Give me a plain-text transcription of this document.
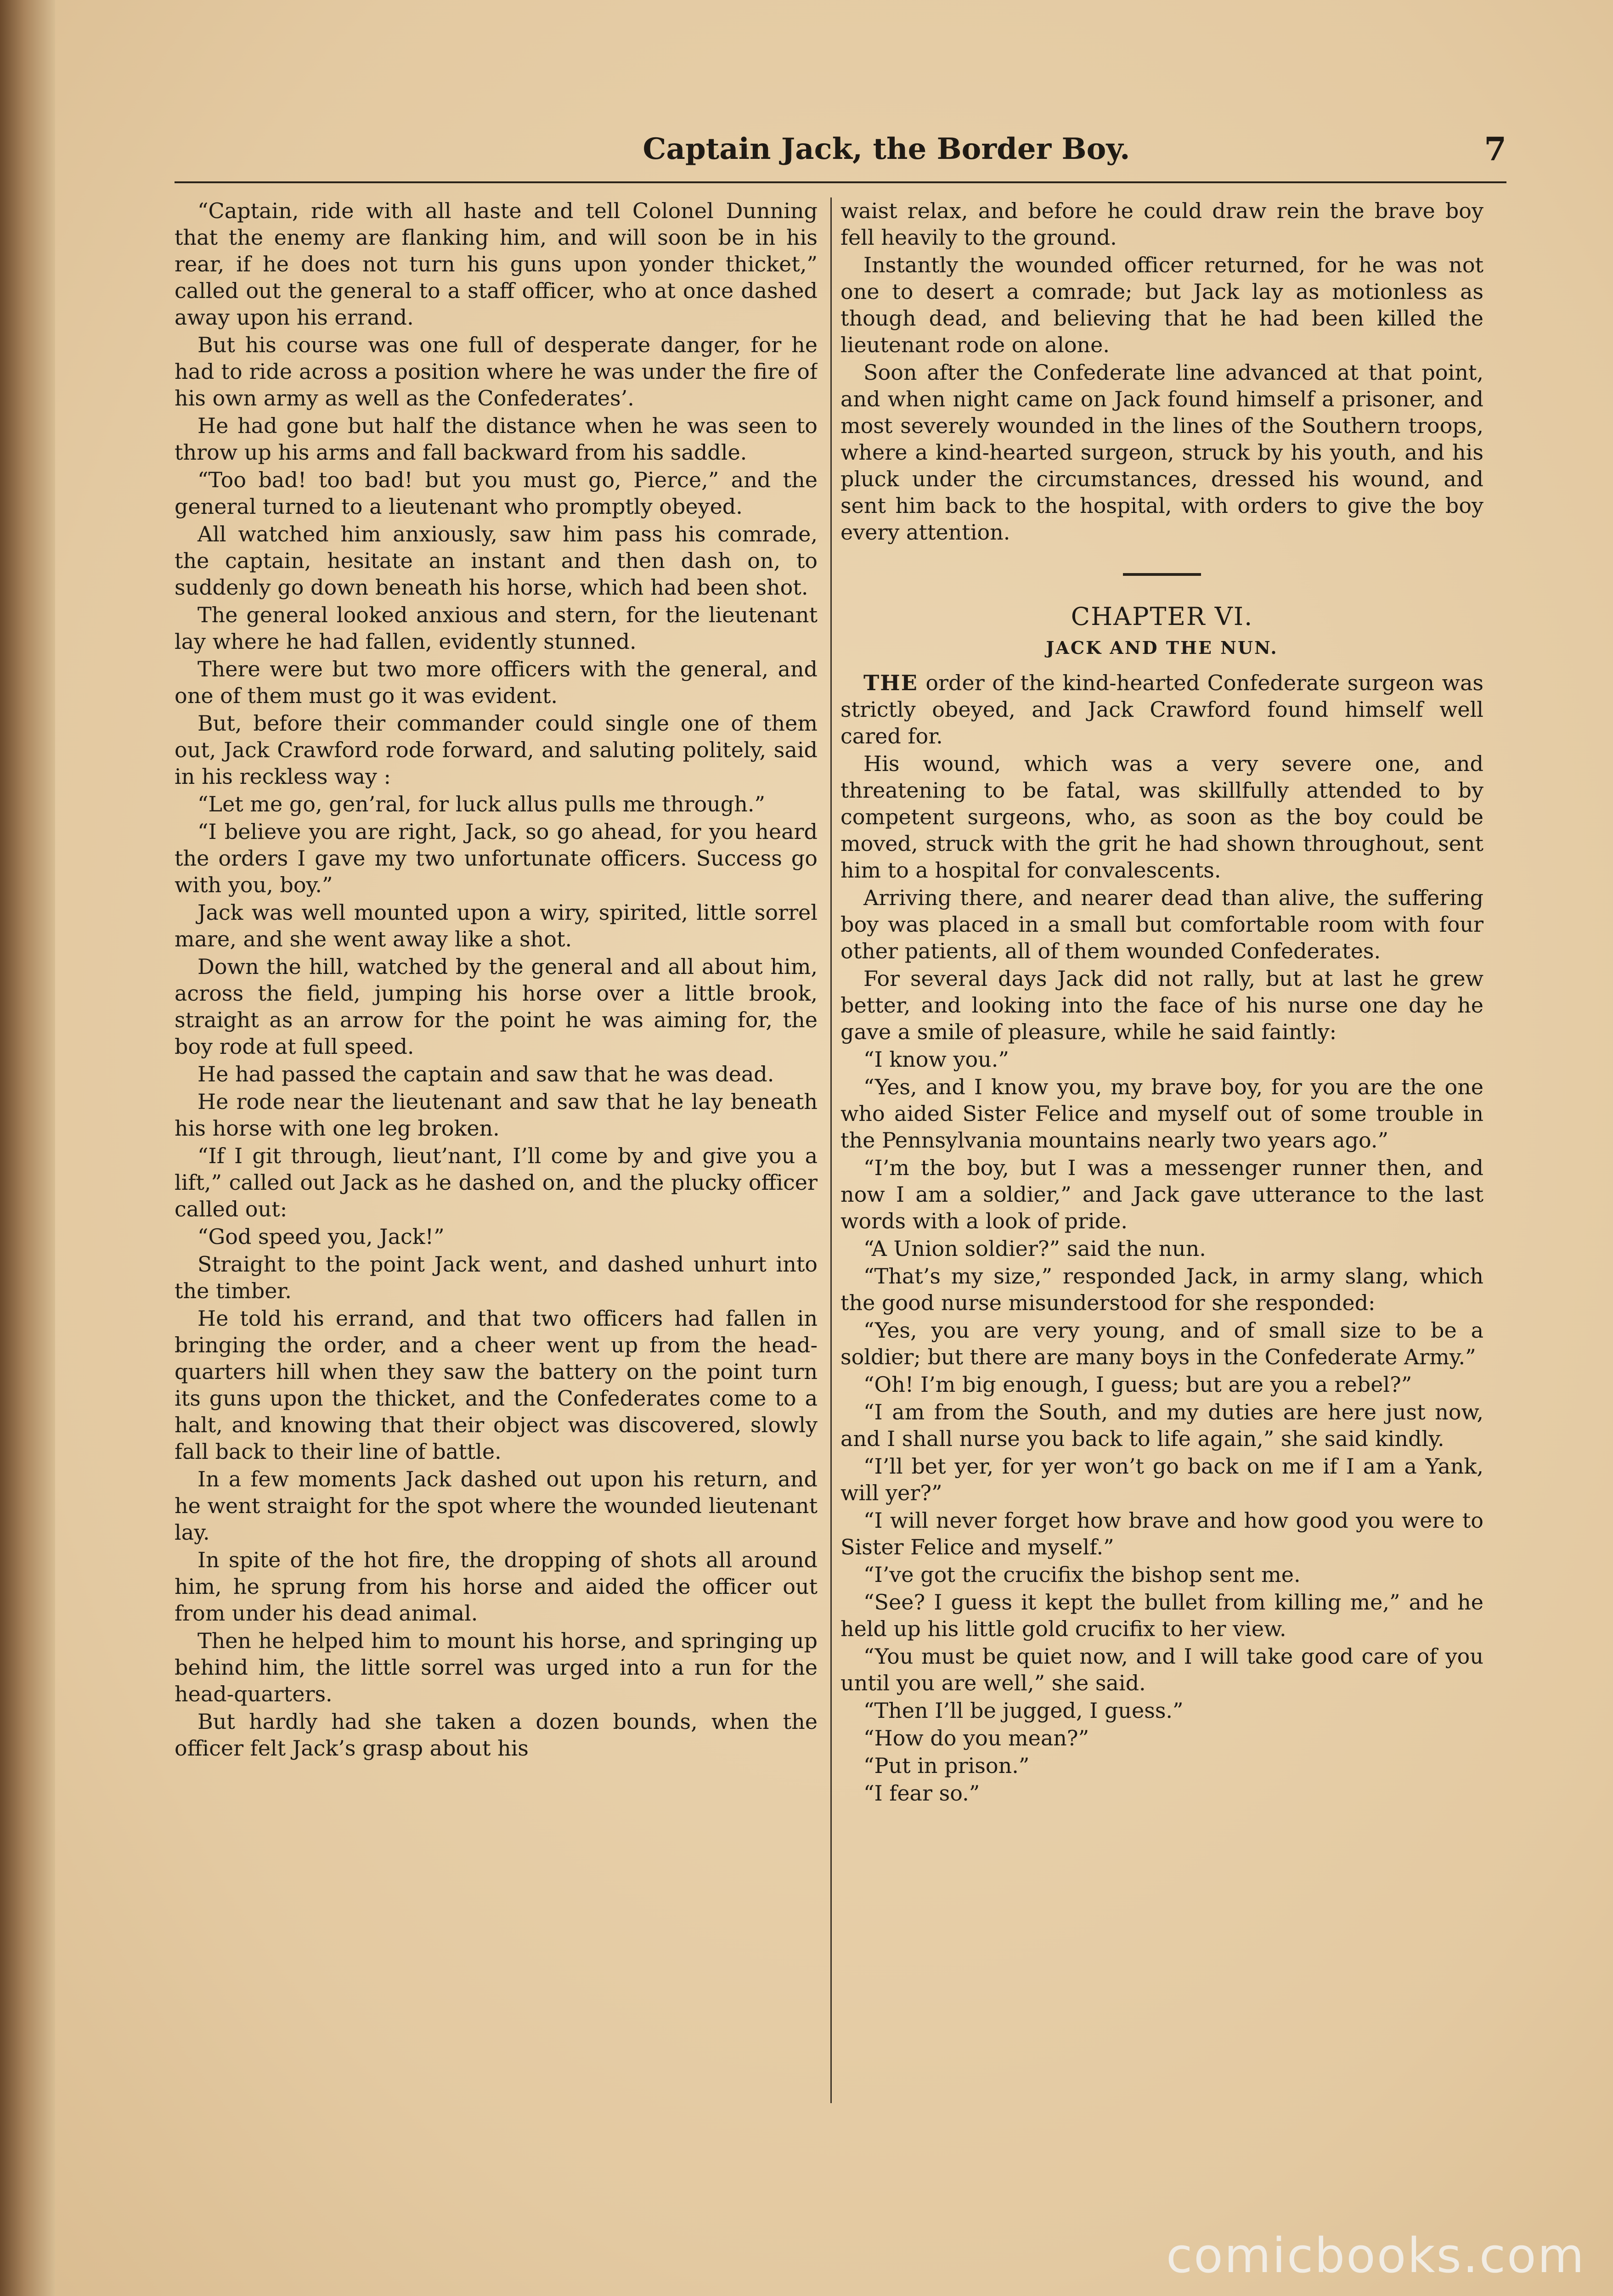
Captain Jack, the Border Boy.	7

“Captain, ride with all haste and tell Colonel Dunning that the enemy are flanking him, and will soon be in his rear, if he does not turn his guns upon yonder thicket,” called out the general to a staff officer, who at once dashed away upon his errand.

But his course was one full of desperate danger, for he had to ride across a position where he was under the fire of his own army as well as the Confederates’.

He had gone but half the distance when he was seen to throw up his arms and fall backward from his saddle.

“Too bad! too bad! but you must go, Pierce,” and the general turned to a lieutenant who promptly obeyed.

All watched him anxiously, saw him pass his comrade, the captain, hesitate an instant and then dash on, to suddenly go down beneath his horse, which had been shot.

The general looked anxious and stern, for the lieutenant lay where he had fallen, evidently stunned.

There were but two more officers with the general, and one of them must go it was evident.

But, before their commander could single one of them out, Jack Crawford rode forward, and saluting politely, said in his reckless way :

“Let me go, gen’ral, for luck allus pulls me through.”

“I believe you are right, Jack, so go ahead, for you heard the orders I gave my two unfortunate officers. Success go with you, boy.”

Jack was well mounted upon a wiry, spirited, little sorrel mare, and she went away like a shot.

Down the hill, watched by the general and all about him, across the field, jumping his horse over a little brook, straight as an arrow for the point he was aiming for, the boy rode at full speed.

He had passed the captain and saw that he was dead.

He rode near the lieutenant and saw that he lay beneath his horse with one leg broken.

“If I git through, lieut’nant, I’ll come by and give you a lift,” called out Jack as he dashed on, and the plucky officer called out:

“God speed you, Jack!”

Straight to the point Jack went, and dashed unhurt into the timber.

He told his errand, and that two officers had fallen in bringing the order, and a cheer went up from the head-quarters hill when they saw the battery on the point turn its guns upon the thicket, and the Confederates come to a halt, and knowing that their object was discovered, slowly fall back to their line of battle.

In a few moments Jack dashed out upon his return, and he went straight for the spot where the wounded lieutenant lay.

In spite of the hot fire, the dropping of shots all around him, he sprung from his horse and aided the officer out from under his dead animal.

Then he helped him to mount his horse, and springing up behind him, the little sorrel was urged into a run for the head-quarters.

But hardly had she taken a dozen bounds, when the officer felt Jack’s grasp about his

waist relax, and before he could draw rein the brave boy fell heavily to the ground.

Instantly the wounded officer returned, for he was not one to desert a comrade; but Jack lay as motionless as though dead, and believing that he had been killed the lieutenant rode on alone.

Soon after the Confederate line advanced at that point, and when night came on Jack found himself a prisoner, and most severely wounded in the lines of the Southern troops, where a kind-hearted surgeon, struck by his youth, and his pluck under the circumstances, dressed his wound, and sent him back to the hospital, with orders to give the boy every attention.

CHAPTER VI.
JACK AND THE NUN.

THE order of the kind-hearted Confederate surgeon was strictly obeyed, and Jack Crawford found himself well cared for.

His wound, which was a very severe one, and threatening to be fatal, was skillfully attended to by competent surgeons, who, as soon as the boy could be moved, struck with the grit he had shown throughout, sent him to a hospital for convalescents.

Arriving there, and nearer dead than alive, the suffering boy was placed in a small but comfortable room with four other patients, all of them wounded Confederates.

For several days Jack did not rally, but at last he grew better, and looking into the face of his nurse one day he gave a smile of pleasure, while he said faintly:

“I know you.”

“Yes, and I know you, my brave boy, for you are the one who aided Sister Felice and myself out of some trouble in the Pennsylvania mountains nearly two years ago.”

“I’m the boy, but I was a messenger runner then, and now I am a soldier,” and Jack gave utterance to the last words with a look of pride.

“A Union soldier?” said the nun.

“That’s my size,” responded Jack, in army slang, which the good nurse misunderstood for she responded:

“Yes, you are very young, and of small size to be a soldier; but there are many boys in the Confederate Army.”

“Oh! I’m big enough, I guess; but are you a rebel?”

“I am from the South, and my duties are here just now, and I shall nurse you back to life again,” she said kindly.

“I’ll bet yer, for yer won’t go back on me if I am a Yank, will yer?”

“I will never forget how brave and how good you were to Sister Felice and myself.”

“I’ve got the crucifix the bishop sent me.

“See? I guess it kept the bullet from killing me,” and he held up his little gold crucifix to her view.

“You must be quiet now, and I will take good care of you until you are well,” she said.

“Then I’ll be jugged, I guess.”

“How do you mean?”

“Put in prison.”

“I fear so.”

comicbooks.com
